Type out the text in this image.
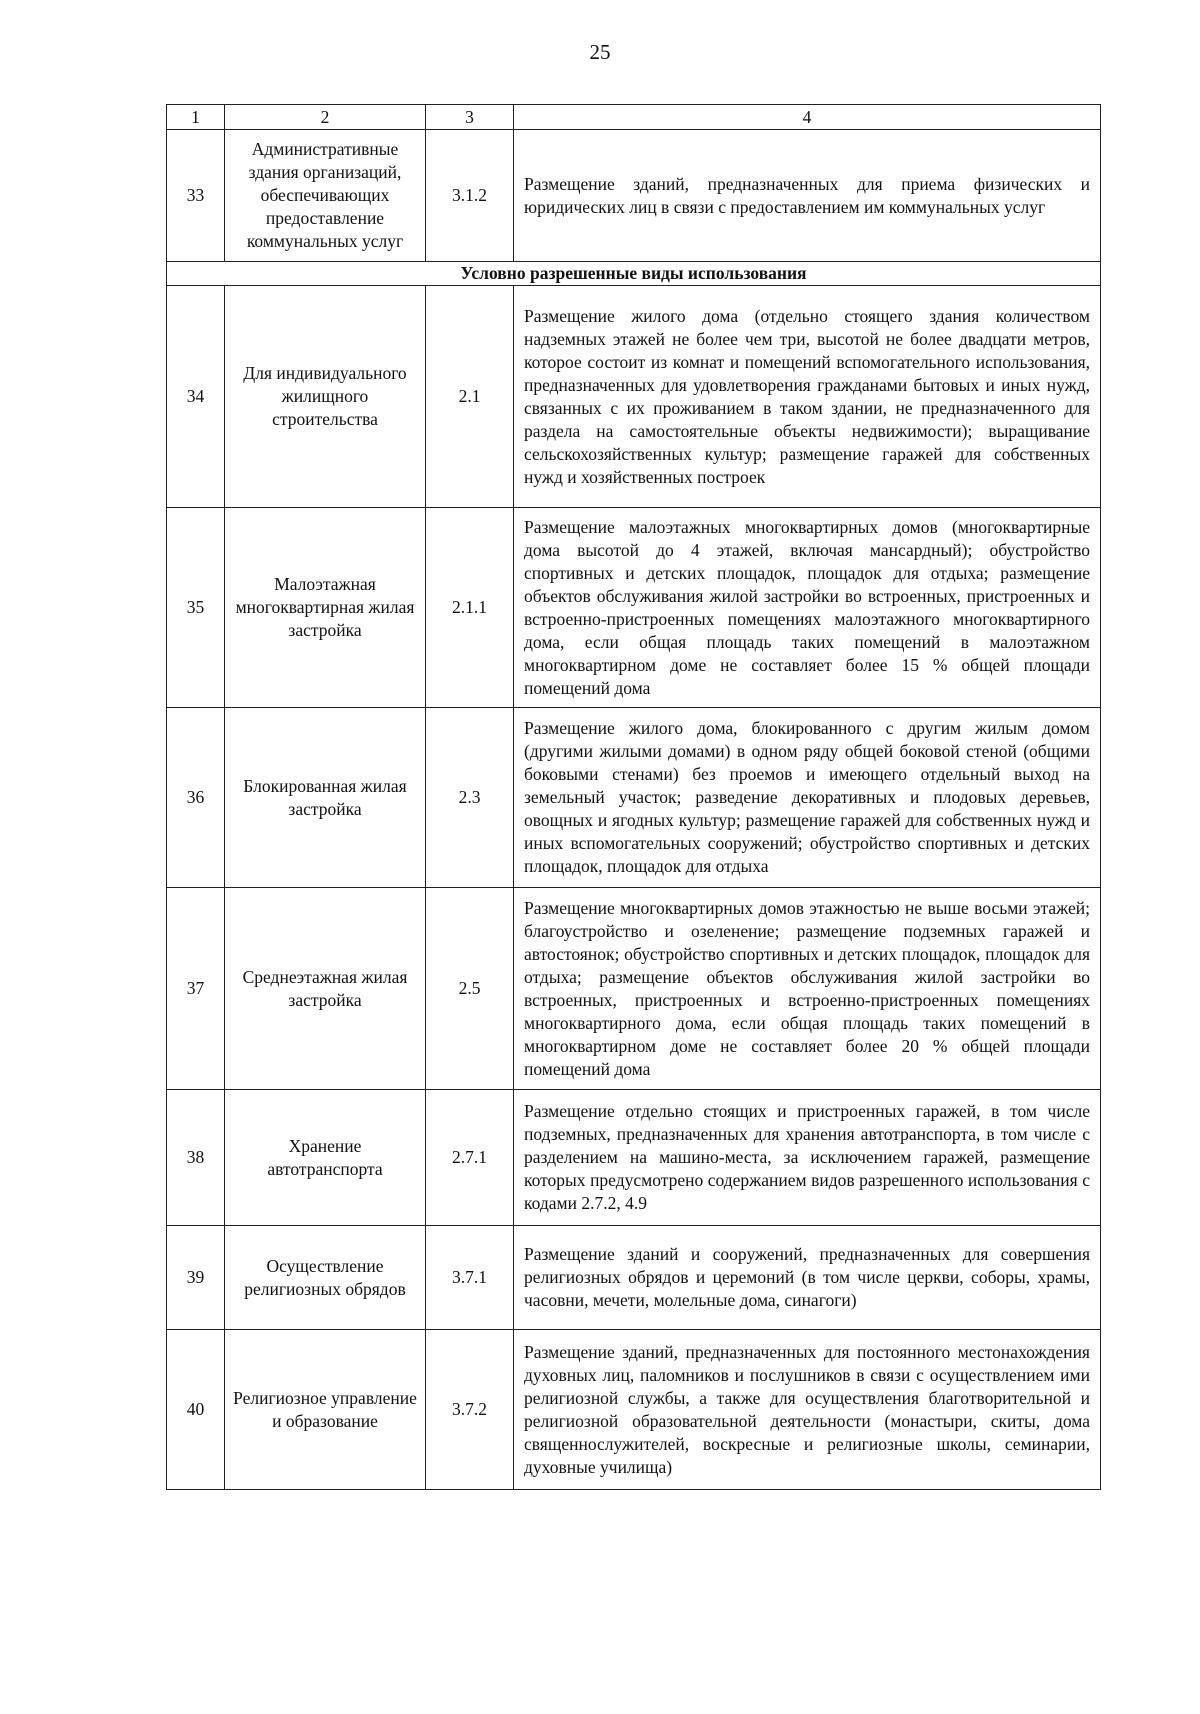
25
1	2	3	4
33	Административные здания организаций, обеспечивающих предоставление коммунальных услуг	3.1.2	Размещение зданий, предназначенных для приема физических и юридических лиц в связи с предоставлением им коммунальных услуг
Условно разрешенные виды использования			
34	Для индивидуального жилищного строительства	2.1	Размещение жилого дома (отдельно стоящего здания количеством надземных этажей не более чем три, высотой не более двадцати метров, которое состоит из комнат и помещений вспомогательного использования, предназначенных для удовлетворения гражданами бытовых и иных нужд, связанных с их проживанием в таком здании, не предназначенного для раздела на самостоятельные объекты недвижимости); выращивание сельскохозяйственных культур; размещение гаражей для собственных нужд и хозяйственных построек
35	Малоэтажная многоквартирная жилая застройка	2.1.1	Размещение малоэтажных многоквартирных домов (многоквартирные дома высотой до 4 этажей, включая мансардный); обустройство спортивных и детских площадок, площадок для отдыха; размещение объектов обслуживания жилой застройки во встроенных, пристроенных и встроенно-пристроенных помещениях малоэтажного многоквартирного дома, если общая площадь таких помещений в малоэтажном многоквартирном доме не составляет более 15 % общей площади помещений дома
36	Блокированная жилая застройка	2.3	Размещение жилого дома, блокированного с другим жилым домом (другими жилыми домами) в одном ряду общей боковой стеной (общими боковыми стенами) без проемов и имеющего отдельный выход на земельный участок; разведение декоративных и плодовых деревьев, овощных и ягодных культур; размещение гаражей для собственных нужд и иных вспомогательных сооружений; обустройство спортивных и детских площадок, площадок для отдыха
37	Среднеэтажная жилая застройка	2.5	Размещение многоквартирных домов этажностью не выше восьми этажей; благоустройство и озеленение; размещение подземных гаражей и автостоянок; обустройство спортивных и детских площадок, площадок для отдыха; размещение объектов обслуживания жилой застройки во встроенных, пристроенных и встроенно-пристроенных помещениях многоквартирного дома, если общая площадь таких помещений в многоквартирном доме не составляет более 20 % общей площади помещений дома
38	Хранение автотранспорта	2.7.1	Размещение отдельно стоящих и пристроенных гаражей, в том числе подземных, предназначенных для хранения автотранспорта, в том числе с разделением на машино-места, за исключением гаражей, размещение которых предусмотрено содержанием видов разрешенного использования с кодами 2.7.2, 4.9
39	Осуществление религиозных обрядов	3.7.1	Размещение зданий и сооружений, предназначенных для совершения религиозных обрядов и церемоний (в том числе церкви, соборы, храмы, часовни, мечети, молельные дома, синагоги)
40	Религиозное управление и образование	3.7.2	Размещение зданий, предназначенных для постоянного местонахождения духовных лиц, паломников и послушников в связи с осуществлением ими религиозной службы, а также для осуществления благотворительной и религиозной образовательной деятельности (монастыри, скиты, дома священнослужителей, воскресные и религиозные школы, семинарии, духовные училища)
